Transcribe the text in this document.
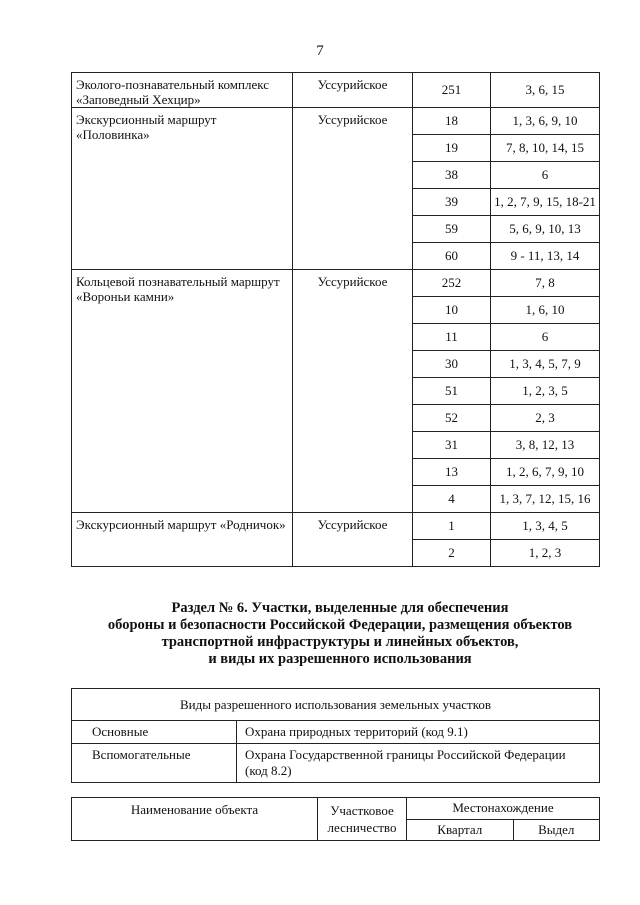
7
Эколого-познавательный комплекс «Заповедный Хехцир»	Уссурийское	251	3, 6, 15
Экскурсионный маршрут «Половинка»	Уссурийское	18	1, 3, 6, 9, 10
		19	7, 8, 10, 14, 15
		38	6
		39	1, 2, 7, 9, 15, 18-21
		59	5, 6, 9, 10, 13
		60	9 - 11, 13, 14
Кольцевой познавательный маршрут «Вороньи камни»	Уссурийское	252	7, 8
		10	1, 6, 10
		11	6
		30	1, 3, 4, 5, 7, 9
		51	1, 2, 3, 5
		52	2, 3
		31	3, 8, 12, 13
		13	1, 2, 6, 7, 9, 10
		4	1, 3, 7, 12, 15, 16
Экскурсионный маршрут «Родничок»	Уссурийское	1	1, 3, 4, 5
		2	1, 2, 3
Раздел № 6. Участки, выделенные для обеспечения
обороны и безопасности Российской Федерации, размещения объектов
транспортной инфраструктуры и линейных объектов,
и виды их разрешенного использования
Виды разрешенного использования земельных участков	
Основные	Охрана природных территорий (код 9.1)
Вспомогательные	Охрана Государственной границы Российской Федерации (код 8.2)
Наименование объекта	Участковое лесничество	Местонахождение	
		Квартал	Выдел
